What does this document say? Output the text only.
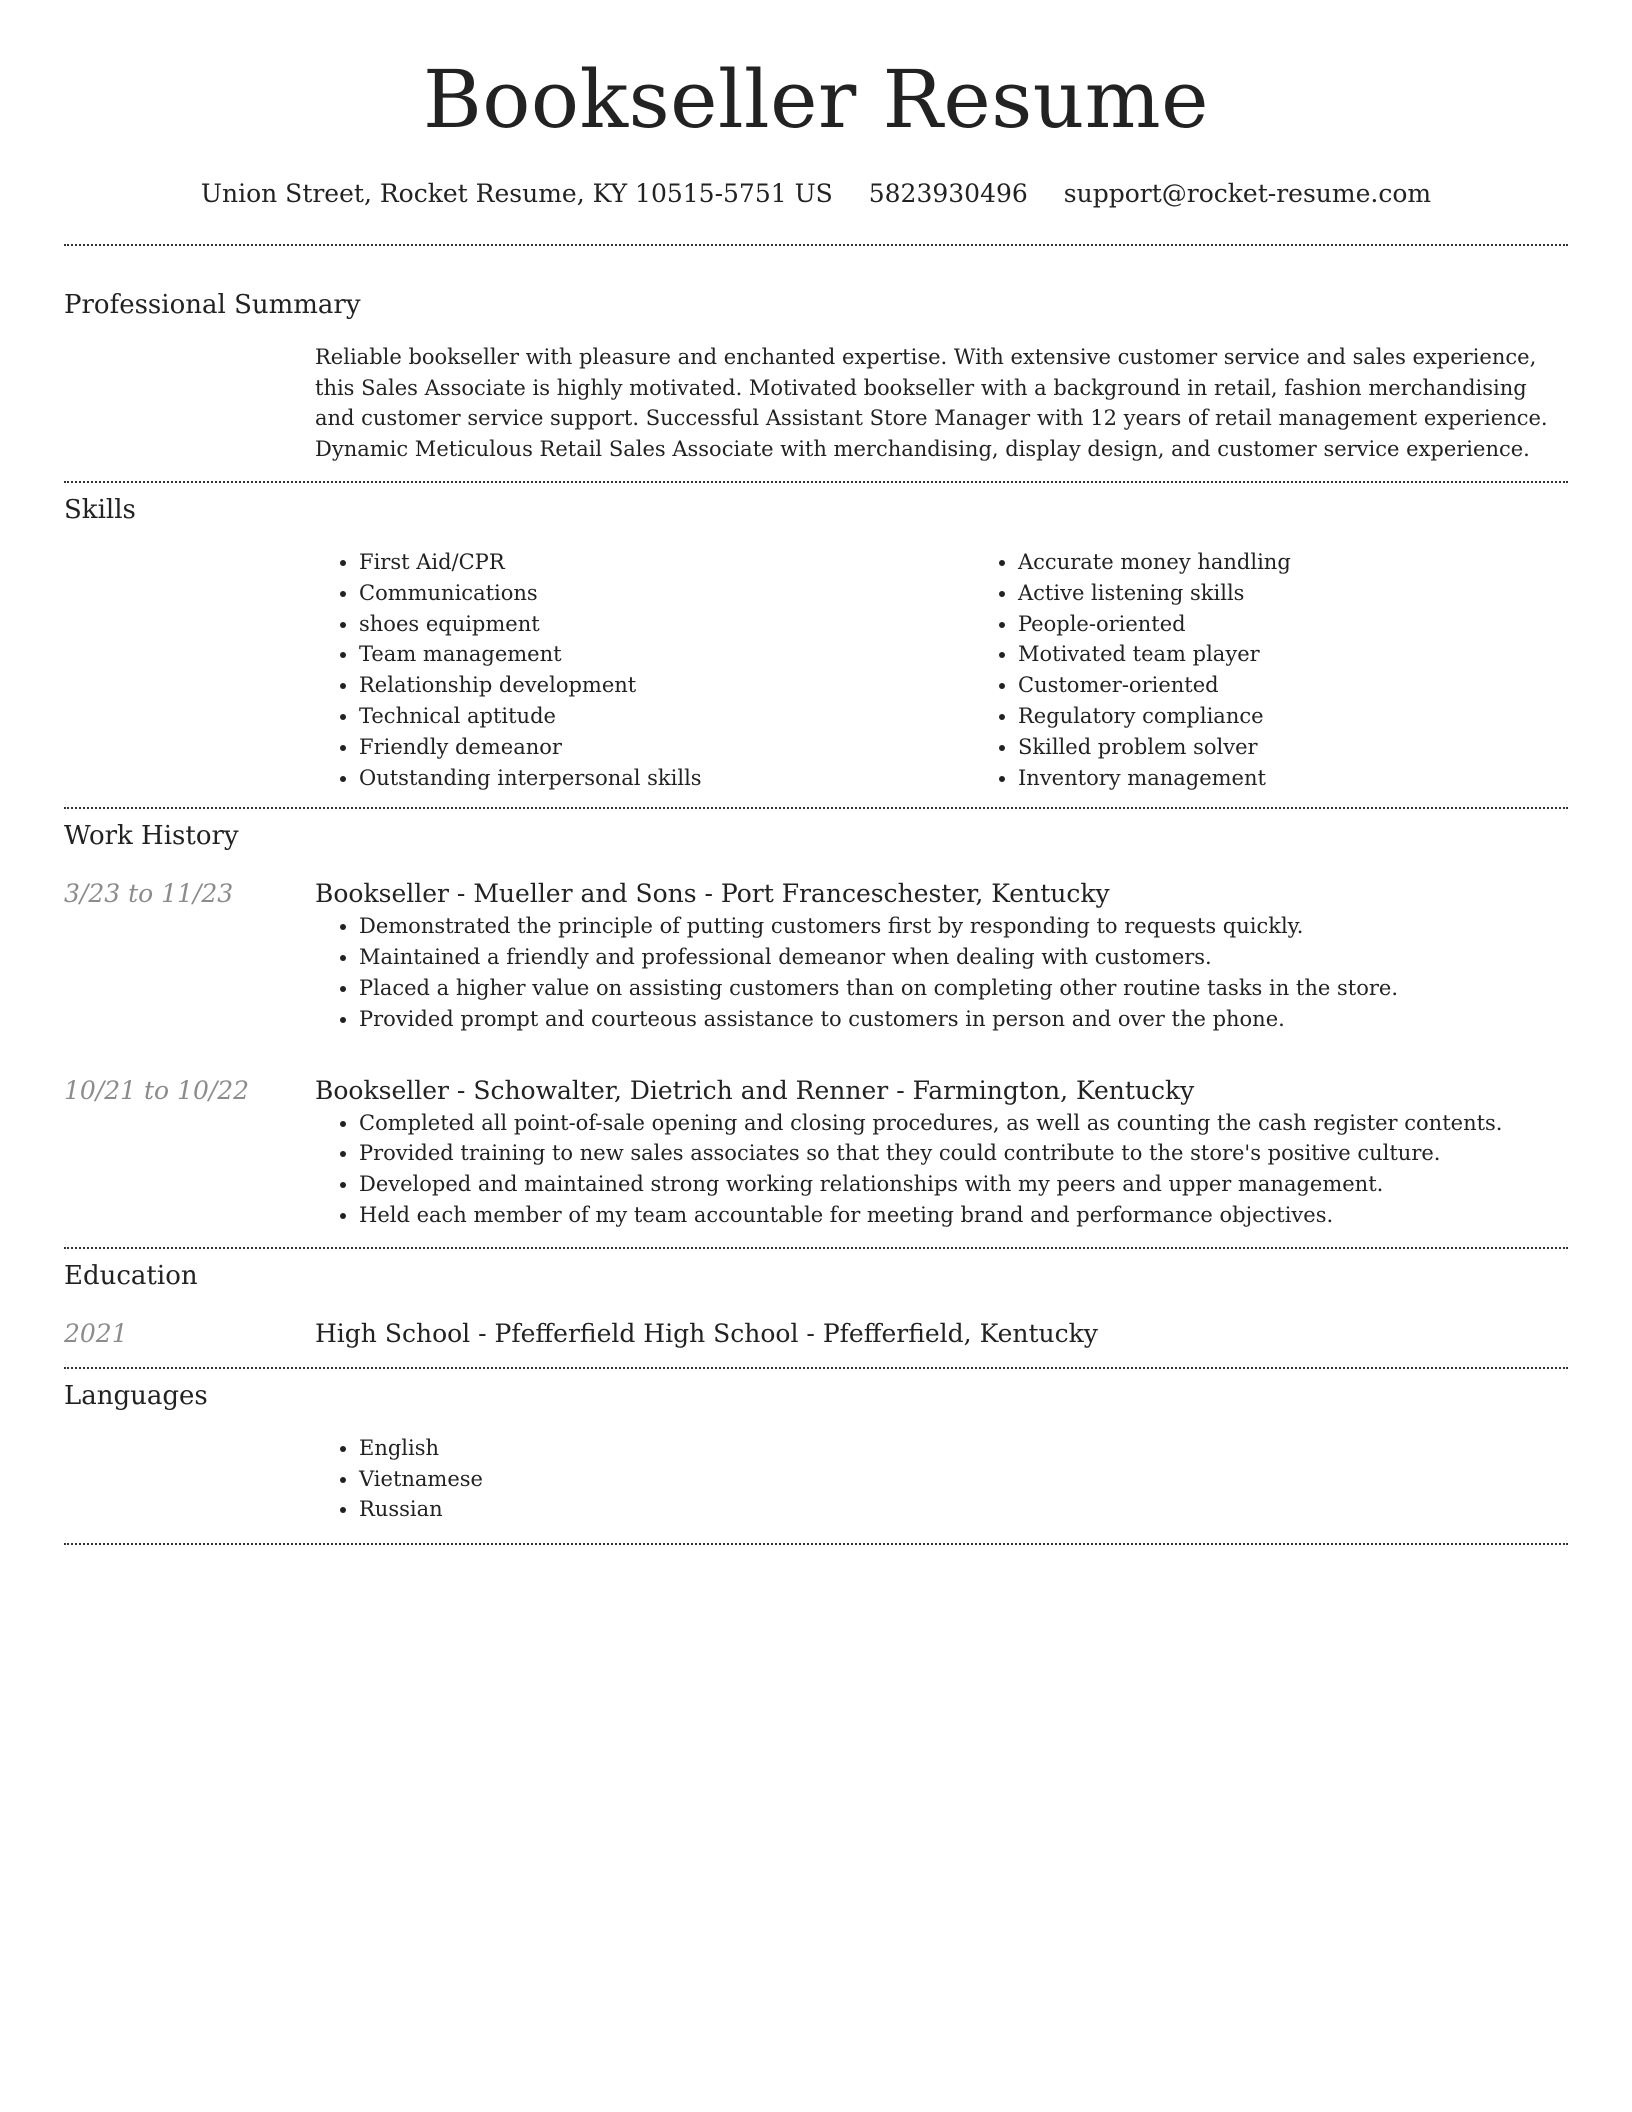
Bookseller Resume
Union Street, Rocket Resume, KY 10515-5751 US 5823930496 support@rocket-resume.com
Professional Summary
Reliable bookseller with pleasure and enchanted expertise. With extensive customer service and sales experience, this Sales Associate is highly motivated. Motivated bookseller with a background in retail, fashion merchandising and customer service support. Successful Assistant Store Manager with 12 years of retail management experience. Dynamic Meticulous Retail Sales Associate with merchandising, display design, and customer service experience.
Skills
• First Aid/CPR
• Communications
• shoes equipment
• Team management
• Relationship development
• Technical aptitude
• Friendly demeanor
• Outstanding interpersonal skills
• Accurate money handling
• Active listening skills
• People-oriented
• Motivated team player
• Customer-oriented
• Regulatory compliance
• Skilled problem solver
• Inventory management
Work History
3/23 to 11/23	Bookseller - Mueller and Sons - Port Franceschester, Kentucky
• Demonstrated the principle of putting customers first by responding to requests quickly.
• Maintained a friendly and professional demeanor when dealing with customers.
• Placed a higher value on assisting customers than on completing other routine tasks in the store.
• Provided prompt and courteous assistance to customers in person and over the phone.
10/21 to 10/22	Bookseller - Schowalter, Dietrich and Renner - Farmington, Kentucky
• Completed all point-of-sale opening and closing procedures, as well as counting the cash register contents.
• Provided training to new sales associates so that they could contribute to the store's positive culture.
• Developed and maintained strong working relationships with my peers and upper management.
• Held each member of my team accountable for meeting brand and performance objectives.
Education
2021	High School - Pfefferfield High School - Pfefferfield, Kentucky
Languages
• English
• Vietnamese
• Russian
